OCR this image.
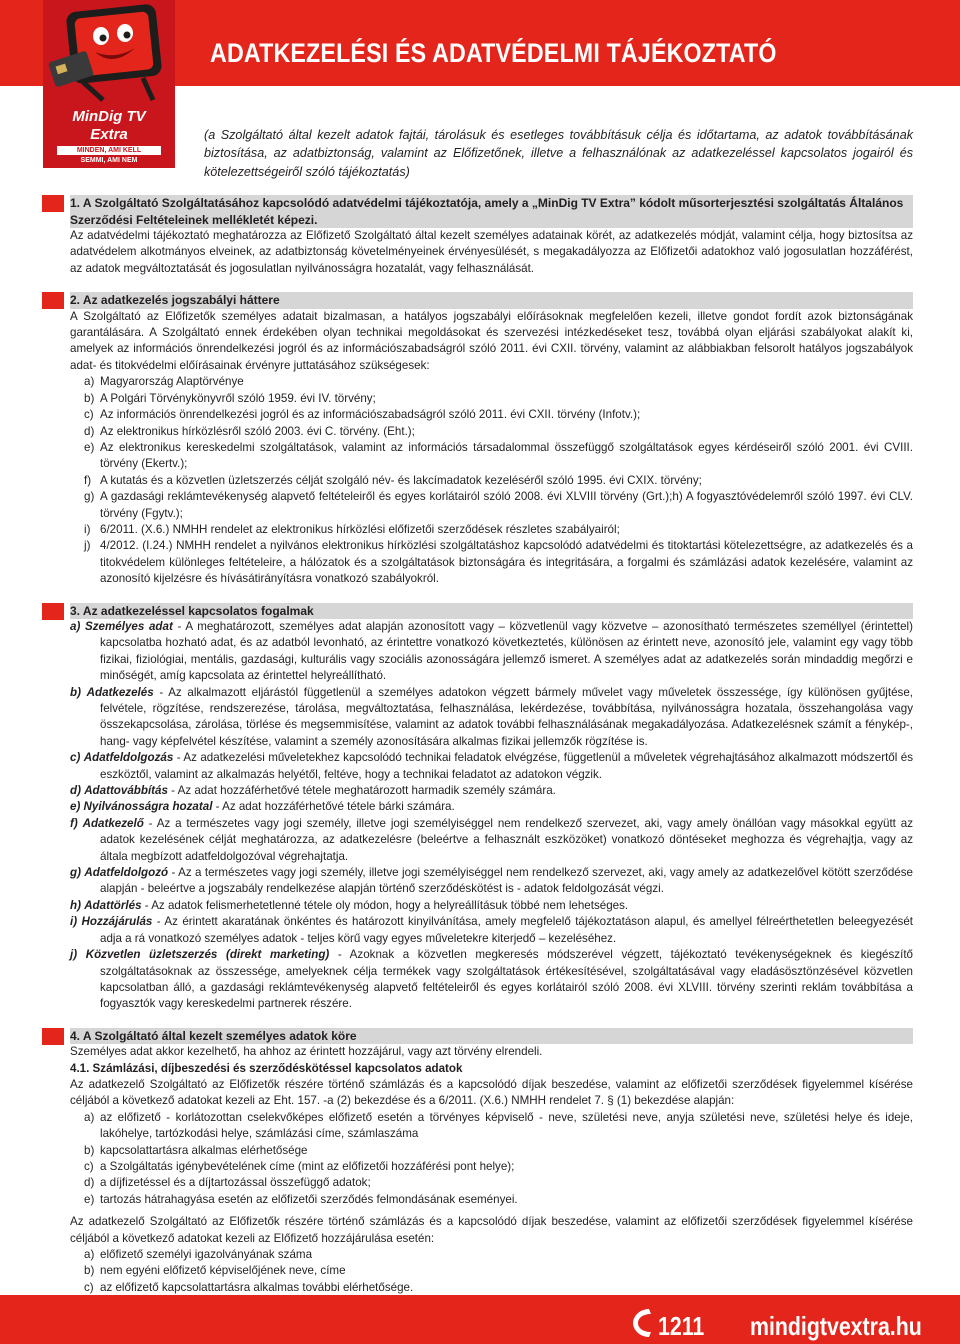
MinDig TV
Extra
MINDEN, AMI KELL
SEMMI, AMI NEM
ADATKEZELÉSI ÉS ADATVÉDELMI TÁJÉKOZTATÓ

(a Szolgáltató által kezelt adatok fajtái, tárolásuk és esetleges továbbításuk célja és időtartama, az adatok továbbításának biztosítása, az adatbiztonság, valamint az Előfizetőnek, illetve a felhasználónak az adatkezeléssel kapcsolatos jogairól és kötelezettségeiről szóló tájékoztatás)

1. A Szolgáltató Szolgáltatásához kapcsolódó adatvédelmi tájékoztatója, amely a „MinDig TV Extra” kódolt műsorterjesztési szolgáltatás Általános Szerződési Feltételeinek mellékletét képezi.

Az adatvédelmi tájékoztató meghatározza az Előfizető Szolgáltató által kezelt személyes adatainak körét, az adatkezelés módját, valamint célja, hogy biztosítsa az adatvédelem alkotmányos elveinek, az adatbiztonság követelményeinek érvényesülését, s megakadályozza az Előfizetői adatokhoz való jogosulatlan hozzáférést, az adatok megváltoztatását és jogosulatlan nyilvánosságra hozatalát, vagy felhasználását.

2. Az adatkezelés jogszabályi háttere

A Szolgáltató az Előfizetők személyes adatait bizalmasan, a hatályos jogszabályi előírásoknak megfelelően kezeli, illetve gondot fordít azok biztonságának garantálására. A Szolgáltató ennek érdekében olyan technikai megoldásokat és szervezési intézkedéseket tesz, továbbá olyan eljárási szabályokat alakít ki, amelyek az információs önrendelkezési jogról és az információszabadságról szóló 2011. évi CXII. törvény, valamint az alábbiakban felsorolt hatályos jogszabályok adat- és titokvédelmi előírásainak érvényre juttatásához szükségesek:

a) Magyarország Alaptörvénye
b) A Polgári Törvénykönyvről szóló 1959. évi IV. törvény;
c) Az információs önrendelkezési jogról és az információszabadságról szóló 2011. évi CXII. törvény (Infotv.);
d) Az elektronikus hírközlésről szóló 2003. évi C. törvény. (Eht.);
e) Az elektronikus kereskedelmi szolgáltatások, valamint az információs társadalommal összefüggő szolgáltatások egyes kérdéseiről szóló 2001. évi CVIII. törvény (Ekertv.);
f) A kutatás és a közvetlen üzletszerzés célját szolgáló név- és lakcímadatok kezeléséről szóló 1995. évi CXIX. törvény;
g) A gazdasági reklámtevékenység alapvető feltételeiről és egyes korlátairól szóló 2008. évi XLVIII törvény (Grt.);h) A fogyasztóvédelemről szóló 1997. évi CLV. törvény (Fgytv.);
i) 6/2011. (X.6.) NMHH rendelet az elektronikus hírközlési előfizetői szerződések részletes szabályairól;
j) 4/2012. (I.24.) NMHH rendelet a nyilvános elektronikus hírközlési szolgáltatáshoz kapcsolódó adatvédelmi és titoktartási kötelezettségre, az adatkezelés és a titokvédelem különleges feltételeire, a hálózatok és a szolgáltatások biztonságára és integritására, a forgalmi és számlázási adatok kezelésére, valamint az azonosító kijelzésre és hívásátirányításra vonatkozó szabályokról.
3. Az adatkezeléssel kapcsolatos fogalmak
a) Személyes adat - A meghatározott, személyes adat alapján azonosított vagy – közvetlenül vagy közvetve – azonosítható természetes személlyel (érintettel) kapcsolatba hozható adat, és az adatból levonható, az érintettre vonatkozó következtetés, különösen az érintett neve, azonosító jele, valamint egy vagy több fizikai, fiziológiai, mentális, gazdasági, kulturális vagy szociális azonosságára jellemző ismeret. A személyes adat az adatkezelés során mindaddig megőrzi e minőségét, amíg kapcsolata az érintettel helyreállítható.
b) Adatkezelés - Az alkalmazott eljárástól függetlenül a személyes adatokon végzett bármely művelet vagy műveletek összessége, így különösen gyűjtése, felvétele, rögzítése, rendszerezése, tárolása, megváltoztatása, felhasználása, lekérdezése, továbbítása, nyilvánosságra hozatala, összehangolása vagy összekapcsolása, zárolása, törlése és megsemmisítése, valamint az adatok további felhasználásának megakadályozása. Adatkezelésnek számít a fénykép-, hang- vagy képfelvétel készítése, valamint a személy azonosítására alkalmas fizikai jellemzők rögzítése is.
c) Adatfeldolgozás - Az adatkezelési műveletekhez kapcsolódó technikai feladatok elvégzése, függetlenül a műveletek végrehajtásához alkalmazott módszertől és eszköztől, valamint az alkalmazás helyétől, feltéve, hogy a technikai feladatot az adatokon végzik.
d) Adattovábbítás - Az adat hozzáférhetővé tétele meghatározott harmadik személy számára.
e) Nyilvánosságra hozatal - Az adat hozzáférhetővé tétele bárki számára.
f) Adatkezelő - Az a természetes vagy jogi személy, illetve jogi személyiséggel nem rendelkező szervezet, aki, vagy amely önállóan vagy másokkal együtt az adatok kezelésének célját meghatározza, az adatkezelésre (beleértve a felhasznált eszközöket) vonatkozó döntéseket meghozza és végrehajtja, vagy az általa megbízott adatfeldolgozóval végrehajtatja.
g) Adatfeldolgozó - Az a természetes vagy jogi személy, illetve jogi személyiséggel nem rendelkező szervezet, aki, vagy amely az adatkezelővel kötött szerződése alapján - beleértve a jogszabály rendelkezése alapján történő szerződéskötést is - adatok feldolgozását végzi.
h) Adattörlés - Az adatok felismerhetetlenné tétele oly módon, hogy a helyreállításuk többé nem lehetséges.
i) Hozzájárulás - Az érintett akaratának önkéntes és határozott kinyilvánítása, amely megfelelő tájékoztatáson alapul, és amellyel félreérthetetlen beleegyezését adja a rá vonatkozó személyes adatok - teljes körű vagy egyes műveletekre kiterjedő – kezeléséhez.
j) Közvetlen üzletszerzés (direkt marketing) - Azoknak a közvetlen megkeresés módszerével végzett, tájékoztató tevékenységeknek és kiegészítő szolgáltatásoknak az összessége, amelyeknek célja termékek vagy szolgáltatások értékesítésével, szolgáltatásával vagy eladásösztönzésével közvetlen kapcsolatban álló, a gazdasági reklámtevékenység alapvető feltételeiről és egyes korlátairól szóló 2008. évi XLVIII. törvény szerinti reklám továbbítása a fogyasztók vagy kereskedelmi partnerek részére.
4. A Szolgáltató által kezelt személyes adatok köre

Személyes adat akkor kezelhető, ha ahhoz az érintett hozzájárul, vagy azt törvény elrendeli.

4.1. Számlázási, díjbeszedési és szerződéskötéssel kapcsolatos adatok

Az adatkezelő Szolgáltató az Előfizetők részére történő számlázás és a kapcsolódó díjak beszedése, valamint az előfizetői szerződések figyelemmel kísérése céljából a következő adatokat kezeli az Eht. 157. -a (2) bekezdése és a 6/2011. (X.6.) NMHH rendelet 7. § (1) bekezdése alapján:

a) az előfizető - korlátozottan cselekvőképes előfizető esetén a törvényes képviselő - neve, születési neve, anyja születési neve, születési helye és ideje, lakóhelye, tartózkodási helye, számlázási címe, számlaszáma
b) kapcsolattartásra alkalmas elérhetősége
c) a Szolgáltatás igénybevételének címe (mint az előfizetői hozzáférési pont helye);
d) a díjfizetéssel és a díjtartozással összefüggő adatok;
e) tartozás hátrahagyása esetén az előfizetői szerződés felmondásának eseményei.

Az adatkezelő Szolgáltató az Előfizetők részére történő számlázás és a kapcsolódó díjak beszedése, valamint az előfizetői szerződések figyelemmel kísérése céljából a következő adatokat kezeli az Előfizető hozzájárulása esetén:

a) előfizető személyi igazolványának száma
b) nem egyéni előfizető képviselőjének neve, címe
c) az előfizető kapcsolattartásra alkalmas további elérhetősége.
1211 mindigtvextra.hu
